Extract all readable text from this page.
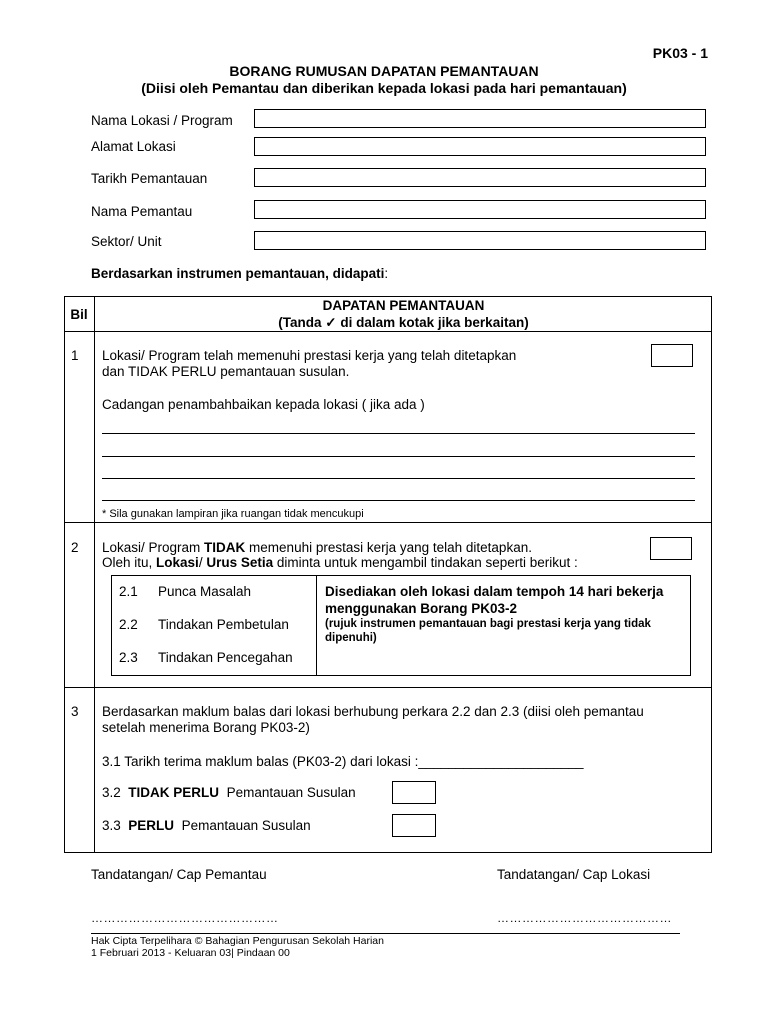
PK03 - 1
BORANG RUMUSAN DAPATAN PEMANTAUAN
(Diisi oleh Pemantau dan diberikan kepada lokasi pada hari pemantauan)
Nama Lokasi / Program
Alamat Lokasi
Tarikh Pemantauan
Nama Pemantau
Sektor/ Unit
Berdasarkan instrumen pemantauan, didapati:
Bil
DAPATAN PEMANTAUAN
(Tanda ✓ di dalam kotak jika berkaitan)
1 Lokasi/ Program telah memenuhi prestasi kerja yang telah ditetapkan
dan TIDAK PERLU pemantauan susulan.
Cadangan penambahbaikan kepada lokasi ( jika ada )
* Sila gunakan lampiran jika ruangan tidak mencukupi
2 Lokasi/ Program TIDAK memenuhi prestasi kerja yang telah ditetapkan.
Oleh itu, Lokasi/ Urus Setia diminta untuk mengambil tindakan seperti berikut :
2.1 Punca Masalah
2.2 Tindakan Pembetulan
2.3 Tindakan Pencegahan
Disediakan oleh lokasi dalam tempoh 14 hari bekerja menggunakan Borang PK03-2
(rujuk instrumen pemantauan bagi prestasi kerja yang tidak dipenuhi)
3 Berdasarkan maklum balas dari lokasi berhubung perkara 2.2 dan 2.3 (diisi oleh pemantau
setelah menerima Borang PK03-2)
3.1 Tarikh terima maklum balas (PK03-2) dari lokasi :______________________
3.2 TIDAK PERLU Pemantauan Susulan
3.3 PERLU Pemantauan Susulan
Tandatangan/ Cap Pemantau	Tandatangan/ Cap Lokasi
………………………………………	……………………………………
Hak Cipta Terpelihara © Bahagian Pengurusan Sekolah Harian
1 Februari 2013 - Keluaran 03| Pindaan 00
